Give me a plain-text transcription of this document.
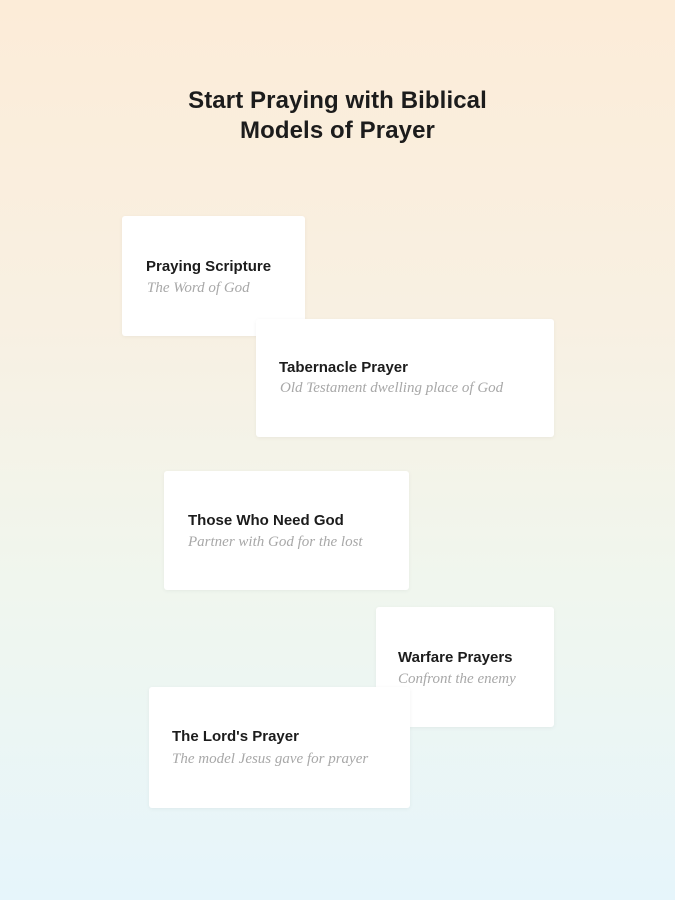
Start Praying with Biblical
Models of Prayer
Praying Scripture
The Word of God
Tabernacle Prayer
Old Testament dwelling place of God
Those Who Need God
Partner with God for the lost
Warfare Prayers
Confront the enemy
The Lord's Prayer
The model Jesus gave for prayer
